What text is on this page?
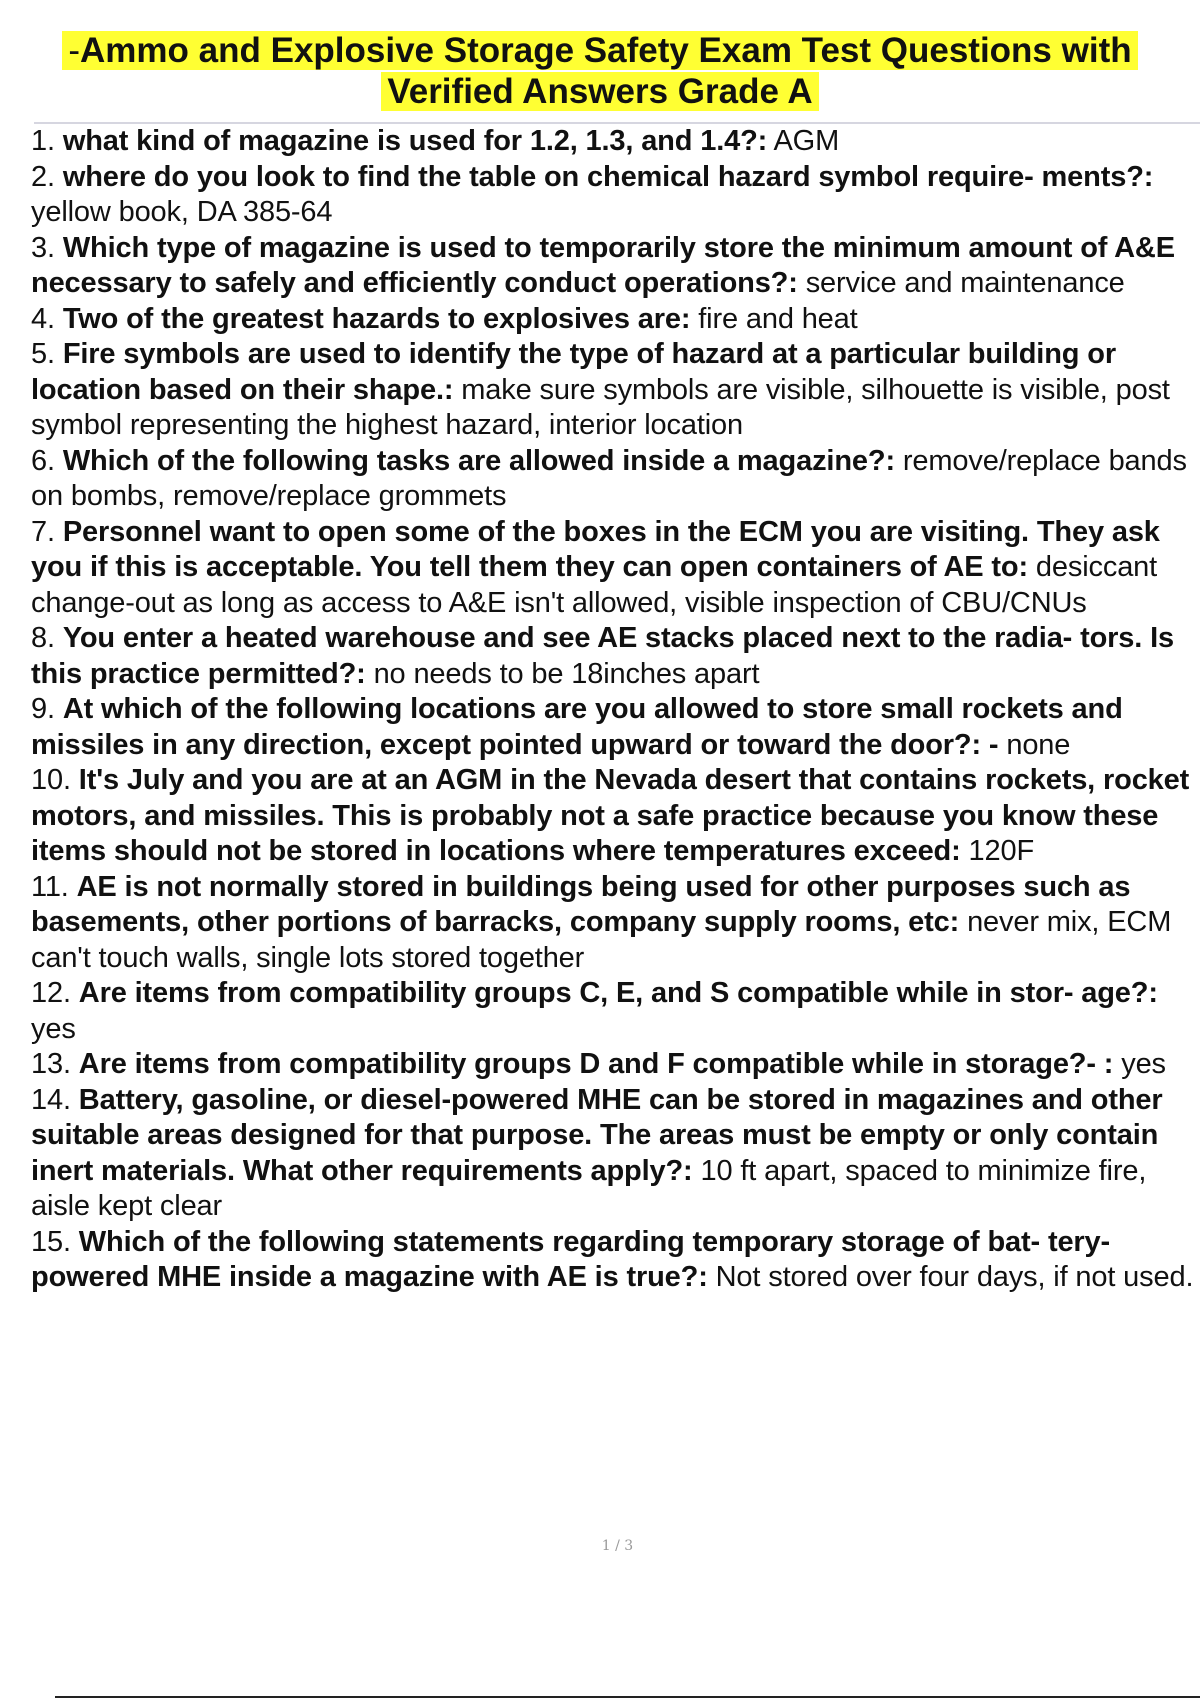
-Ammo and Explosive Storage Safety Exam Test Questions with
Verified Answers Grade A

1. what kind of magazine is used for 1.2, 1.3, and 1.4?: AGM

2. where do you look to find the table on chemical hazard symbol require- ments?: yellow book, DA 385-64

3. Which type of magazine is used to temporarily store the minimum amount of A&E necessary to safely and efficiently conduct operations?: service and maintenance

4. Two of the greatest hazards to explosives are: fire and heat

5. Fire symbols are used to identify the type of hazard at a particular building or location based on their shape.: make sure symbols are visible, silhouette is visible, post symbol representing the highest hazard, interior location

6. Which of the following tasks are allowed inside a magazine?: remove/replace bands on bombs, remove/replace grommets

7. Personnel want to open some of the boxes in the ECM you are visiting. They ask you if this is acceptable. You tell them they can open containers of AE to: desiccant change-out as long as access to A&E isn't allowed, visible inspection of CBU/CNUs

8. You enter a heated warehouse and see AE stacks placed next to the radia- tors. Is this practice permitted?: no needs to be 18inches apart

9. At which of the following locations are you allowed to store small rockets and missiles in any direction, except pointed upward or toward the door?: - none

10. It's July and you are at an AGM in the Nevada desert that contains rockets, rocket motors, and missiles. This is probably not a safe practice because you know these items should not be stored in locations where temperatures exceed: 120F

11. AE is not normally stored in buildings being used for other purposes such as basements, other portions of barracks, company supply rooms, etc: never mix, ECM can't touch walls, single lots stored together

12. Are items from compatibility groups C, E, and S compatible while in stor- age?: yes

13. Are items from compatibility groups D and F compatible while in storage?- : yes

14. Battery, gasoline, or diesel-powered MHE can be stored in magazines and other suitable areas designed for that purpose. The areas must be empty or only contain inert materials. What other requirements apply?: 10 ft apart, spaced to minimize fire, aisle kept clear

15. Which of the following statements regarding temporary storage of bat- tery-powered MHE inside a magazine with AE is true?: Not stored over four days, if not used.

1 / 3
